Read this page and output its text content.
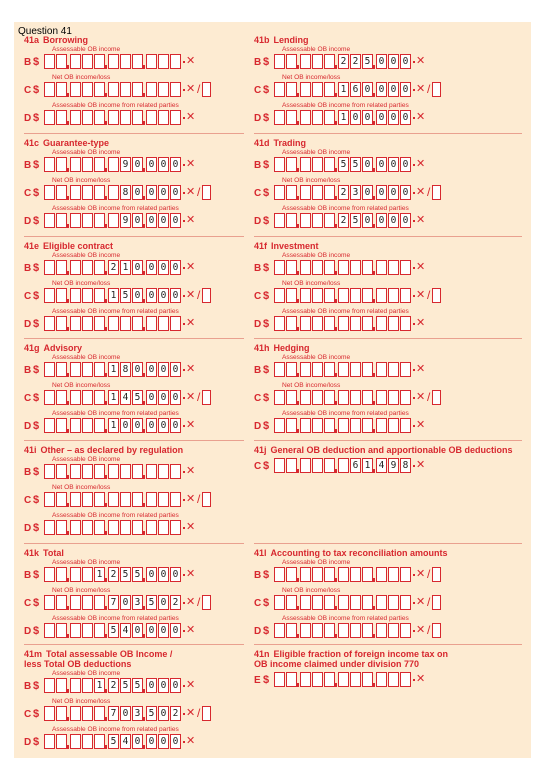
Question 41
41a Borrowing
Assessable OB income
B $	✕
Net OB income/loss
C $	✕ /
Assessable OB income from related parties
D $	✕
41b Lending
Assessable OB income
B $	2 2 5 0 0 0 ✕
Net OB income/loss
C $	1 6 0 0 0 0 ✕ /
Assessable OB income from related parties
D $	1 0 0 0 0 0 ✕
41c Guarantee-type
Assessable OB income
B $	9 0 0 0 0 ✕
Net OB income/loss
C $	8 0 0 0 0 ✕ /
Assessable OB income from related parties
D $	9 0 0 0 0 ✕
41d Trading
Assessable OB income
B $	5 5 0 0 0 0 ✕
Net OB income/loss
C $	2 3 0 0 0 0 ✕ /
Assessable OB income from related parties
D $	2 5 0 0 0 0 ✕
41e Eligible contract
Assessable OB income
B $	2 1 0 0 0 0 ✕
Net OB income/loss
C $	1 5 0 0 0 0 ✕ /
Assessable OB income from related parties
D $	✕
41f Investment
Assessable OB income
B $	✕
Net OB income/loss
C $	✕ /
Assessable OB income from related parties
D $	✕
41g Advisory
Assessable OB income
B $	1 8 0 0 0 0 ✕
Net OB income/loss
C $	1 4 5 0 0 0 ✕ /
Assessable OB income from related parties
D $	1 0 0 0 0 0 ✕
41h Hedging
Assessable OB income
B $	✕
Net OB income/loss
C $	✕ /
Assessable OB income from related parties
D $	✕
41i Other – as declared by regulation
Assessable OB income
B $	✕
Net OB income/loss
C $	✕ /
Assessable OB income from related parties
D $	✕
41j General OB deduction and apportionable OB deductions
C $	6 1 4 9 8 ✕
41k Total
Assessable OB income
B $	1 2 5 5 0 0 0 ✕
Net OB income/loss
C $	7 0 3 5 0 2 ✕ /
Assessable OB income from related parties
D $	5 4 0 0 0 0 ✕
41l Accounting to tax reconciliation amounts
Assessable OB income
B $	✕ /
Net OB income/loss
C $	✕ /
Assessable OB income from related parties
D $	✕ /
41m Total assessable OB Income /
less Total OB deductions
Assessable OB income
B $	1 2 5 5 0 0 0 ✕
Net OB income/loss
C $	7 0 3 5 0 2 ✕ /
Assessable OB income from related parties
D $	5 4 0 0 0 0 ✕
41n Eligible fraction of foreign income tax on
OB income claimed under division 770
E $	✕
